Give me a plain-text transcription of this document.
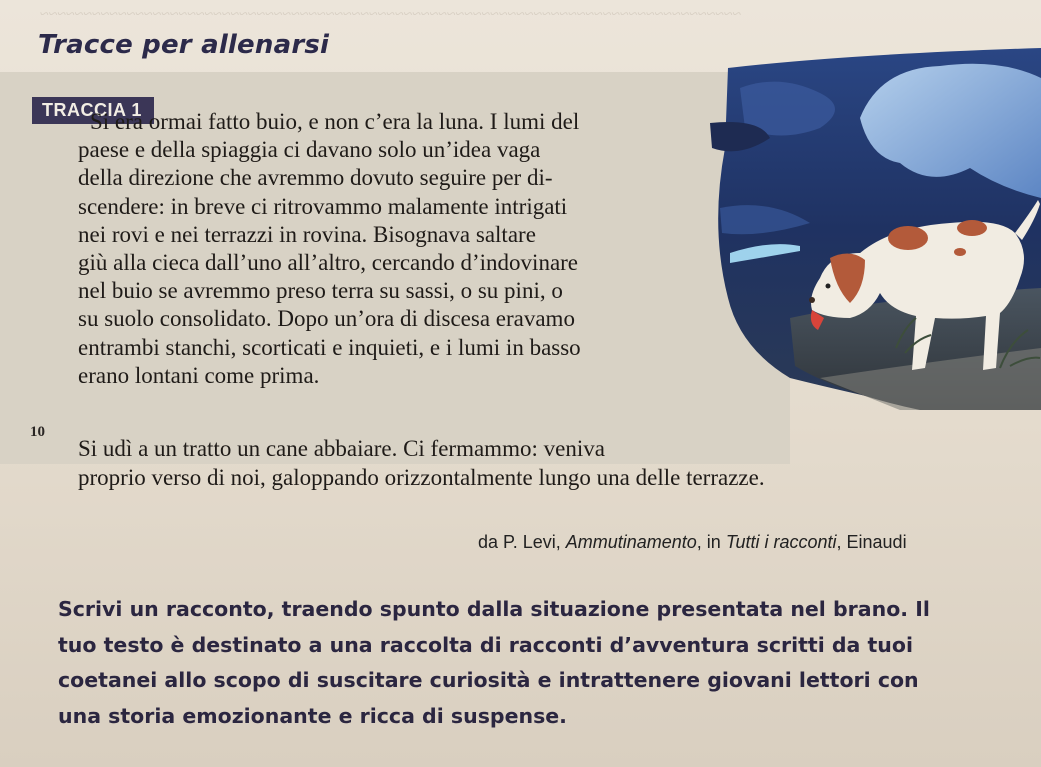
~~~~~~~~~~~~~~~~~~~~~~~~~~~~~~~~~~~~~~~~~~~~~~~~~~~~~~~~~~~~~~~~~~~~~~~~~~~~~~~~~
Tracce per allenarsi
TRACCIA 1
Si era ormai fatto buio, e non c’era la luna. I lumi del
paese e della spiaggia ci davano solo un’idea vaga
della direzione che avremmo dovuto seguire per di-
scendere: in breve ci ritrovammo malamente intrigati
nei rovi e nei terrazzi in rovina. Bisognava saltare
giù alla cieca dall’uno all’altro, cercando d’indovinare
nel buio se avremmo preso terra su sassi, o su pini, o
su suolo consolidato. Dopo un’ora di discesa eravamo
entrambi stanchi, scorticati e inquieti, e i lumi in basso
erano lontani come prima.
10
Si udì a un tratto un cane abbaiare. Ci fermammo: veniva
proprio verso di noi, galoppando orizzontalmente lungo una delle terrazze.
da P. Levi, Ammutinamento, in Tutti i racconti, Einaudi
Scrivi un racconto, traendo spunto dalla situazione presentata nel brano. Il
tuo testo è destinato a una raccolta di racconti d’avventura scritti da tuoi
coetanei allo scopo di suscitare curiosità e intrattenere giovani lettori con
una storia emozionante e ricca di suspense.
